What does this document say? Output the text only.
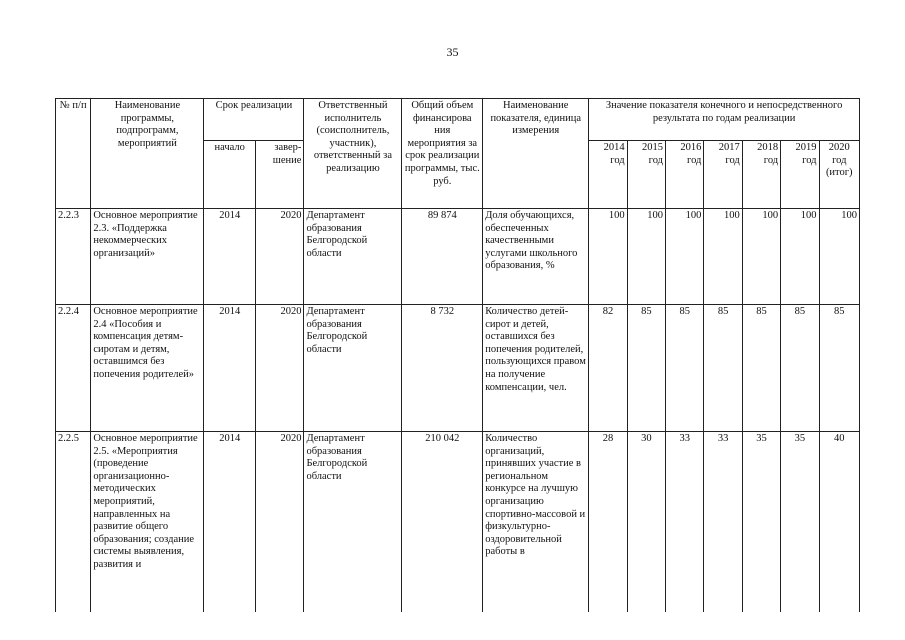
35
№ п/п	Наименование программы, подпрограмм, мероприятий	Срок реализации		Ответственный исполнитель (соисполнитель, участник), ответственный за реализацию	Общий объем финансирова ния мероприятия за срок реализации программы, тыс. руб.	Наименование показателя, единица измерения	Значение показателя конечного и непосредственного результата по годам реализации						
		начало	завер-шение				2014 год	2015 год	2016 год	2017 год	2018 год	2019 год	2020 год (итог)
2.2.3	Основное мероприятие 2.3. «Поддержка некоммерческих организаций»	2014	2020	Департамент образования Белгородской области	89 874	Доля обучающихся, обеспеченных качественными услугами школьного образования, %	100	100	100	100	100	100	100
2.2.4	Основное мероприятие 2.4 «Пособия и компенсация детям-сиротам и детям, оставшимся без попечения родителей»	2014	2020	Департамент образования Белгородской области	8 732	Количество детей-сирот и детей, оставшихся без попечения родителей, пользующихся правом на получение компенсации, чел.	82	85	85	85	85	85	85
2.2.5	Основное мероприятие 2.5. «Мероприятия (проведение организационно-методических мероприятий, направленных на развитие общего образования; создание системы выявления, развития и	2014	2020	Департамент образования Белгородской области	210 042	Количество организаций, принявших участие в региональном конкурсе на лучшую организацию спортивно-массовой и физкультурно-оздоровительной работы в	28	30	33	33	35	35	40
